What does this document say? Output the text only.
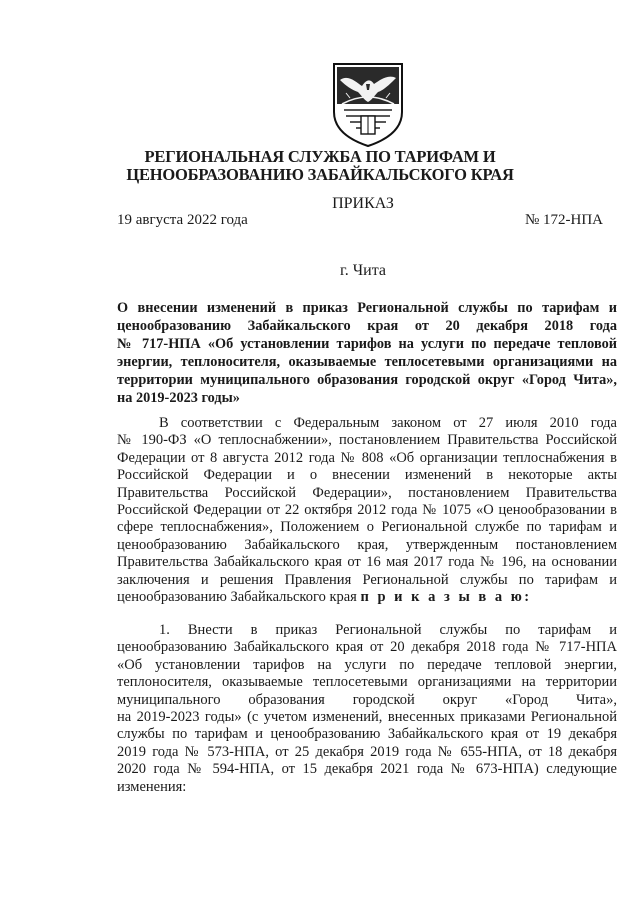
РЕГИОНАЛЬНАЯ СЛУЖБА ПО ТАРИФАМ И
ЦЕНООБРАЗОВАНИЮ ЗАБАЙКАЛЬСКОГО КРАЯ
ПРИКАЗ
19 августа 2022 года	№ 172-НПА
г. Чита
О внесении изменений в приказ Региональной службы по тарифам и
ценообразованию Забайкальского края от 20 декабря 2018 года
№ 717-НПА «Об установлении тарифов на услуги по передаче тепловой
энергии, теплоносителя, оказываемые теплосетевыми организациями на
территории муниципального образования городской округ «Город Чита»,
на 2019-2023 годы»
В соответствии с Федеральным законом от 27 июля 2010 года
№ 190-ФЗ «О теплоснабжении», постановлением Правительства Российской
Федерации от 8 августа 2012 года № 808 «Об организации теплоснабжения в
Российской Федерации и о внесении изменений в некоторые акты
Правительства Российской Федерации», постановлением Правительства
Российской Федерации от 22 октября 2012 года № 1075 «О ценообразовании в
сфере теплоснабжения», Положением о Региональной службе по тарифам и
ценообразованию Забайкальского края, утвержденным постановлением
Правительства Забайкальского края от 16 мая 2017 года № 196, на основании
заключения и решения Правления Региональной службы по тарифам и
ценообразованию Забайкальского края п р и к а з ы в а ю:
1. Внести в приказ Региональной службы по тарифам и
ценообразованию Забайкальского края от 20 декабря 2018 года № 717-НПА
«Об установлении тарифов на услуги по передаче тепловой энергии,
теплоносителя, оказываемые теплосетевыми организациями на территории
муниципального образования городской округ «Город Чита»,
на 2019-2023 годы» (с учетом изменений, внесенных приказами Региональной
службы по тарифам и ценообразованию Забайкальского края от 19 декабря
2019 года № 573-НПА, от 25 декабря 2019 года № 655-НПА, от 18 декабря
2020 года № 594-НПА, от 15 декабря 2021 года № 673-НПА) следующие
изменения:
